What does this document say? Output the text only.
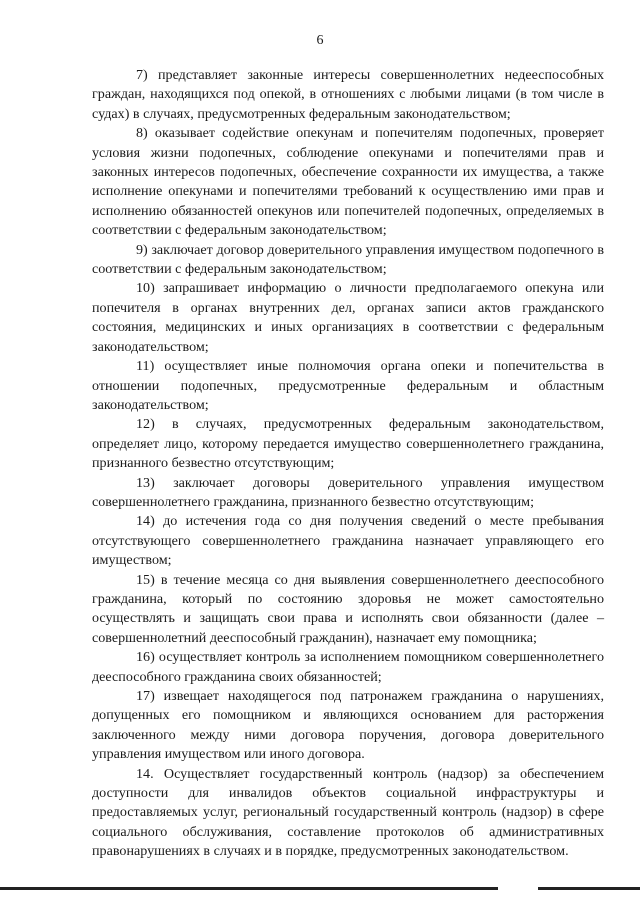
6

7) представляет законные интересы совершеннолетних недееспособных граждан, находящихся под опекой, в отношениях с любыми лицами (в том числе в судах) в случаях, предусмотренных федеральным законодательством;

8) оказывает содействие опекунам и попечителям подопечных, проверяет условия жизни подопечных, соблюдение опекунами и попечителями прав и законных интересов подопечных, обеспечение сохранности их имущества, а также исполнение опекунами и попечителями требований к осуществлению ими прав и исполнению обязанностей опекунов или попечителей подопечных, определяемых в соответствии с федеральным законодательством;

9) заключает договор доверительного управления имуществом подопечного в соответствии с федеральным законодательством;

10) запрашивает информацию о личности предполагаемого опекуна или попечителя в органах внутренних дел, органах записи актов гражданского состояния, медицинских и иных организациях в соответствии с федеральным законодательством;

11) осуществляет иные полномочия органа опеки и попечительства в отношении подопечных, предусмотренные федеральным и областным законодательством;

12) в случаях, предусмотренных федеральным законодательством, определяет лицо, которому передается имущество совершеннолетнего гражданина, признанного безвестно отсутствующим;

13) заключает договоры доверительного управления имуществом совершеннолетнего гражданина, признанного безвестно отсутствующим;

14) до истечения года со дня получения сведений о месте пребывания отсутствующего совершеннолетнего гражданина назначает управляющего его имуществом;

15) в течение месяца со дня выявления совершеннолетнего дееспособного гражданина, который по состоянию здоровья не может самостоятельно осуществлять и защищать свои права и исполнять свои обязанности (далее – совершеннолетний дееспособный гражданин), назначает ему помощника;

16) осуществляет контроль за исполнением помощником совершеннолетнего дееспособного гражданина своих обязанностей;

17) извещает находящегося под патронажем гражданина о нарушениях, допущенных его помощником и являющихся основанием для расторжения заключенного между ними договора поручения, договора доверительного управления имуществом или иного договора.

14. Осуществляет государственный контроль (надзор) за обеспечением доступности для инвалидов объектов социальной инфраструктуры и предоставляемых услуг, региональный государственный контроль (надзор) в сфере социального обслуживания, составление протоколов об административных правонарушениях в случаях и в порядке, предусмотренных законодательством.
